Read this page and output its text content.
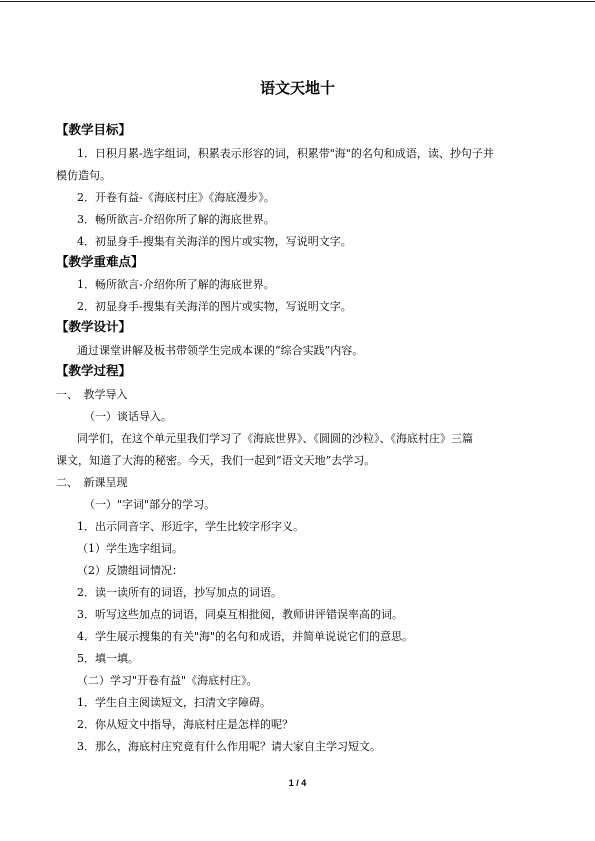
语文天地十
【教学目标】
1．日积月累-选字组词，积累表示形容的词，积累带"海"的名句和成语，读、抄句子并
模仿造句。
2．开卷有益-《海底村庄》《海底漫步》。
3．畅所欲言-介绍你所了解的海底世界。
4．初显身手-搜集有关海洋的图片或实物，写说明文字。
【教学重难点】
1．畅所欲言-介绍你所了解的海底世界。
2．初显身手-搜集有关海洋的图片或实物，写说明文字。
【教学设计】
通过课堂讲解及板书带领学生完成本课的“综合实践”内容。
【教学过程】
一、　教学导入
（一）谈话导入。
同学们，在这个单元里我们学习了《海底世界》、《圆圆的沙粒》、《海底村庄》三篇
课文，知道了大海的秘密。今天，我们一起到“语文天地”去学习。
二、　新课呈现
（一）"字词"部分的学习。
1．出示同音字、形近字，学生比较字形字义。
（1）学生选字组词。
（2）反馈组词情况：
2．读一读所有的词语，抄写加点的词语。
3．听写这些加点的词语，同桌互相批阅，教师讲评错误率高的词。
4．学生展示搜集的有关"海"的名句和成语，并简单说说它们的意思。
5．填一填。
（二）学习"开卷有益"《海底村庄》。
1．学生自主阅读短文，扫清文字障碍。
2．你从短文中指导，海底村庄是怎样的呢？
3．那么，海底村庄究竟有什么作用呢？请大家自主学习短文。
1 / 4
